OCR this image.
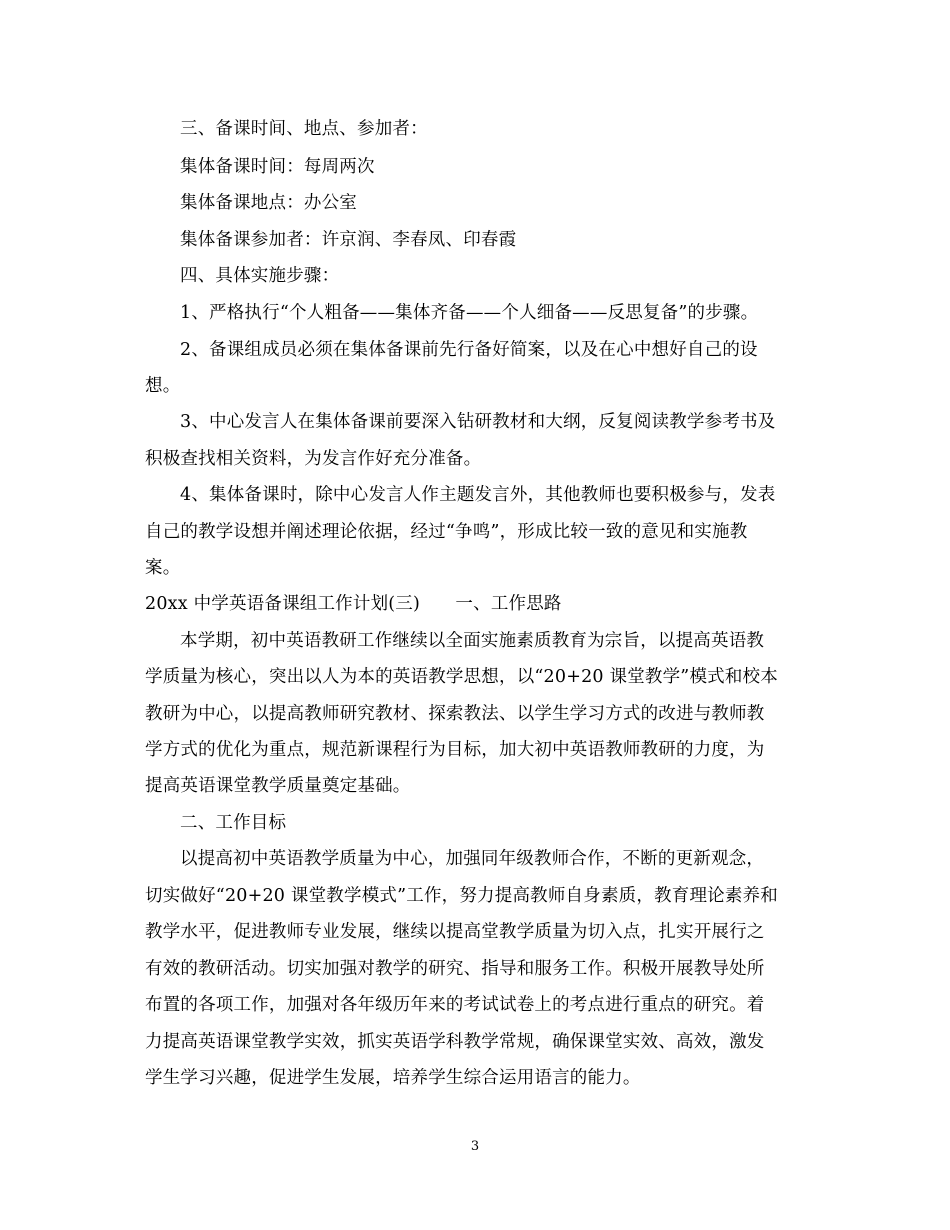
三、备课时间、地点、参加者：
集体备课时间：每周两次
集体备课地点：办公室
集体备课参加者：许京润、李春凤、印春霞
四、具体实施步骤：
1、严格执行“个人粗备——集体齐备——个人细备——反思复备”的步骤。
2、备课组成员必须在集体备课前先行备好简案，以及在心中想好自己的设
想。
3、中心发言人在集体备课前要深入钻研教材和大纲，反复阅读教学参考书及
积极查找相关资料，为发言作好充分准备。
4、集体备课时，除中心发言人作主题发言外，其他教师也要积极参与，发表
自己的教学设想并阐述理论依据，经过“争鸣”，形成比较一致的意见和实施教
案。
20xx 中学英语备课组工作计划(三)　　一、工作思路
本学期，初中英语教研工作继续以全面实施素质教育为宗旨，以提高英语教
学质量为核心，突出以人为本的英语教学思想，以“20+20 课堂教学”模式和校本
教研为中心，以提高教师研究教材、探索教法、以学生学习方式的改进与教师教
学方式的优化为重点，规范新课程行为目标，加大初中英语教师教研的力度，为
提高英语课堂教学质量奠定基础。
二、工作目标
以提高初中英语教学质量为中心，加强同年级教师合作，不断的更新观念，
切实做好“20+20 课堂教学模式”工作，努力提高教师自身素质，教育理论素养和
教学水平，促进教师专业发展，继续以提高堂教学质量为切入点，扎实开展行之
有效的教研活动。切实加强对教学的研究、指导和服务工作。积极开展教导处所
布置的各项工作，加强对各年级历年来的考试试卷上的考点进行重点的研究。着
力提高英语课堂教学实效，抓实英语学科教学常规，确保课堂实效、高效，激发
学生学习兴趣，促进学生发展，培养学生综合运用语言的能力。
3
